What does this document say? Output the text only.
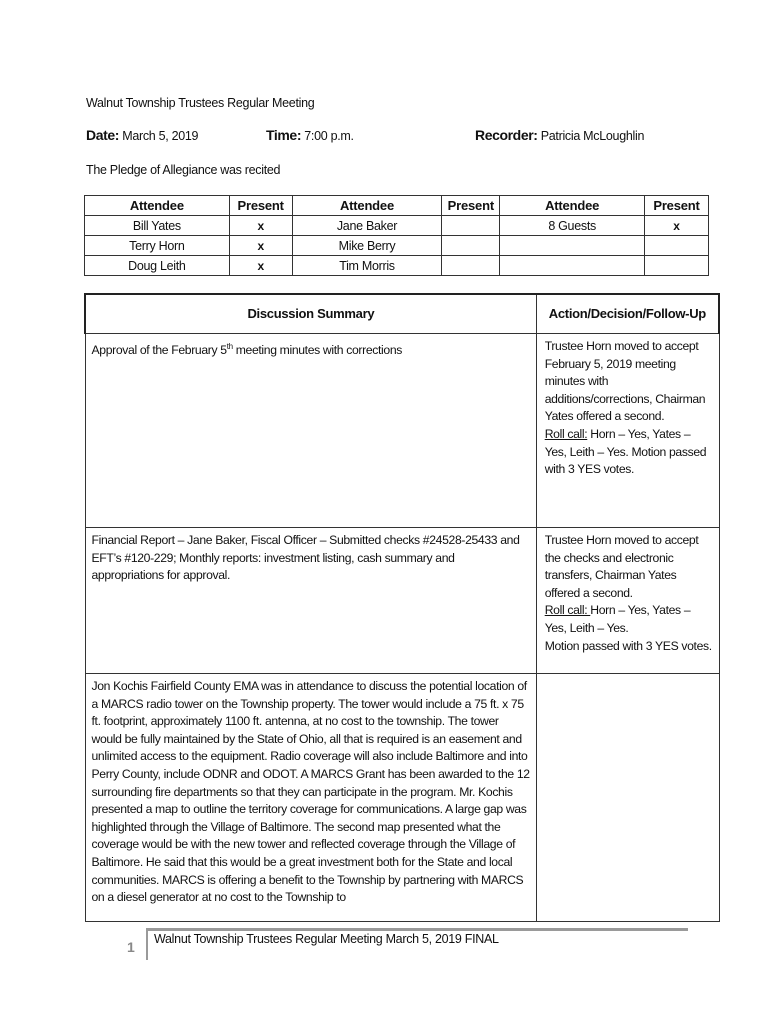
Walnut Township Trustees Regular Meeting
Date: March 5, 2019	Time: 7:00 p.m.	Recorder: Patricia McLoughlin
The Pledge of Allegiance was recited
Attendee	Present	Attendee	Present	Attendee	Present
Bill Yates	x	Jane Baker		8 Guests	x
Terry Horn	x	Mike Berry			
Doug Leith	x	Tim Morris			
Discussion Summary	Action/Decision/Follow-Up
Approval of the February 5th meeting minutes with corrections	Trustee Horn moved to accept February 5, 2019 meeting minutes with additions/corrections, Chairman Yates offered a second.
Roll call: Horn – Yes, Yates – Yes, Leith – Yes. Motion passed with 3 YES votes.
Financial Report – Jane Baker, Fiscal Officer – Submitted checks #24528-25433 and EFT’s #120-229; Monthly reports: investment listing, cash summary and appropriations for approval.	Trustee Horn moved to accept the checks and electronic transfers, Chairman Yates offered a second.
Roll call: Horn – Yes, Yates – Yes, Leith – Yes.
Motion passed with 3 YES votes.
Jon Kochis Fairfield County EMA was in attendance to discuss the potential location of a MARCS radio tower on the Township property. The tower would include a 75 ft. x 75 ft. footprint, approximately 1100 ft. antenna, at no cost to the township. The tower would be fully maintained by the State of Ohio, all that is required is an easement and unlimited access to the equipment. Radio coverage will also include Baltimore and into Perry County, include ODNR and ODOT. A MARCS Grant has been awarded to the 12 surrounding fire departments so that they can participate in the program. Mr. Kochis presented a map to outline the territory coverage for communications. A large gap was highlighted through the Village of Baltimore. The second map presented what the coverage would be with the new tower and reflected coverage through the Village of Baltimore. He said that this would be a great investment both for the State and local communities. MARCS is offering a benefit to the Township by partnering with MARCS on a diesel generator at no cost to the Township to	
1 Walnut Township Trustees Regular Meeting March 5, 2019 FINAL
